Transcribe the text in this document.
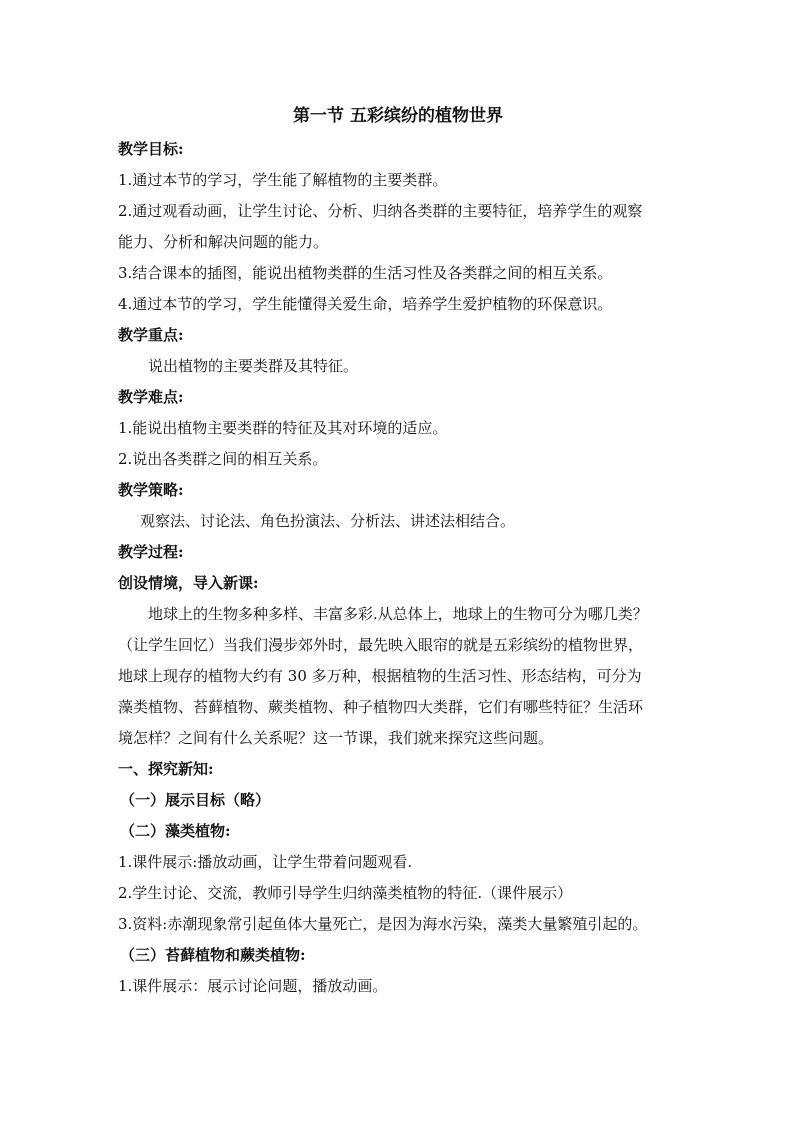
第一节 五彩缤纷的植物世界
教学目标:
1.通过本节的学习，学生能了解植物的主要类群。
2.通过观看动画，让学生讨论、分析、归纳各类群的主要特征，培养学生的观察
能力、分析和解决问题的能力。
3.结合课本的插图，能说出植物类群的生活习性及各类群之间的相互关系。
4.通过本节的学习，学生能懂得关爱生命，培养学生爱护植物的环保意识。
教学重点:
说出植物的主要类群及其特征。
教学难点:
1.能说出植物主要类群的特征及其对环境的适应。
2.说出各类群之间的相互关系。
教学策略:
观察法、讨论法、角色扮演法、分析法、讲述法相结合。
教学过程:
创设情境，导入新课:
地球上的生物多种多样、丰富多彩.从总体上，地球上的生物可分为哪几类？
（让学生回忆）当我们漫步郊外时，最先映入眼帘的就是五彩缤纷的植物世界，
地球上现存的植物大约有 30 多万种，根据植物的生活习性、形态结构，可分为
藻类植物、苔藓植物、蕨类植物、种子植物四大类群，它们有哪些特征？生活环
境怎样？之间有什么关系呢？这一节课，我们就来探究这些问题。
一、探究新知:
（一）展示目标（略）
（二）藻类植物:
1.课件展示:播放动画，让学生带着问题观看.
2.学生讨论、交流，教师引导学生归纳藻类植物的特征.（课件展示）
3.资料:赤潮现象常引起鱼体大量死亡，是因为海水污染，藻类大量繁殖引起的。
（三）苔藓植物和蕨类植物:
1.课件展示：展示讨论问题，播放动画。
